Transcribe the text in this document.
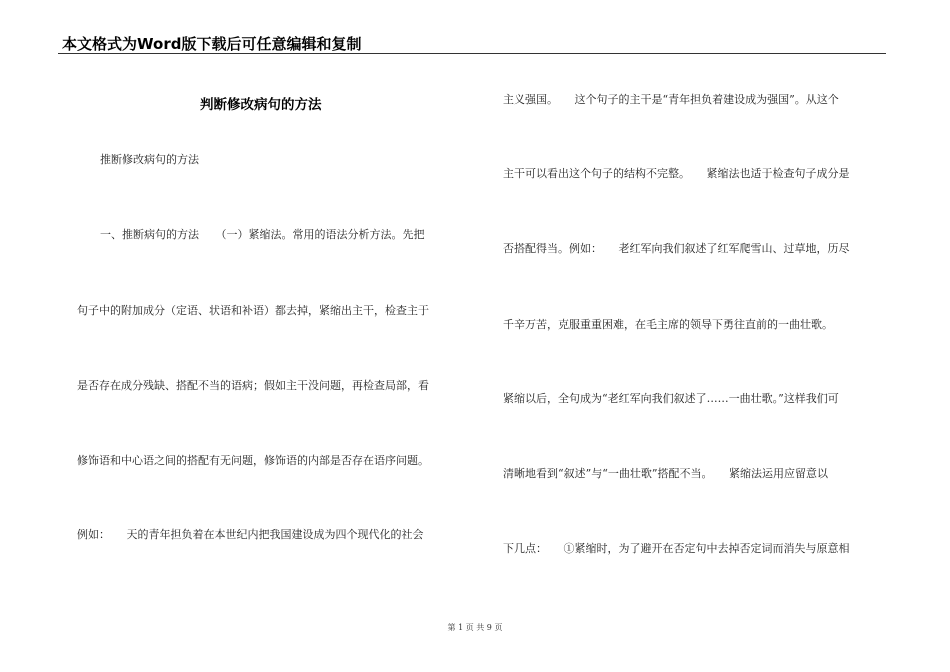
本文格式为Word版下载后可任意编辑和复制
判断修改病句的方法
推断修改病句的方法
一、推断病句的方法　　（一）紧缩法。常用的语法分析方法。先把
句子中的附加成分（定语、状语和补语）都去掉，紧缩出主干，检查主于
是否存在成分残缺、搭配不当的语病；假如主干没问题，再检查局部，看
修饰语和中心语之间的搭配有无问题，修饰语的内部是否存在语序问题。
例如：　　天的青年担负着在本世纪内把我国建设成为四个现代化的社会
主义强国。　　这个句子的主干是“青年担负着建设成为强国”。从这个
主干可以看出这个句子的结构不完整。　　紧缩法也适于检查句子成分是
否搭配得当。例如：　　老红军向我们叙述了红军爬雪山、过草地，历尽
千辛万苦，克服重重困难，在毛主席的领导下勇往直前的一曲壮歌。
紧缩以后，全句成为“老红军向我们叙述了……一曲壮歌。”这样我们可
清晰地看到“叙述”与“一曲壮歌”搭配不当。　　紧缩法运用应留意以
下几点：　　①紧缩时，为了避开在否定句中去掉否定词而消失与原意相
第 1 页 共 9 页
